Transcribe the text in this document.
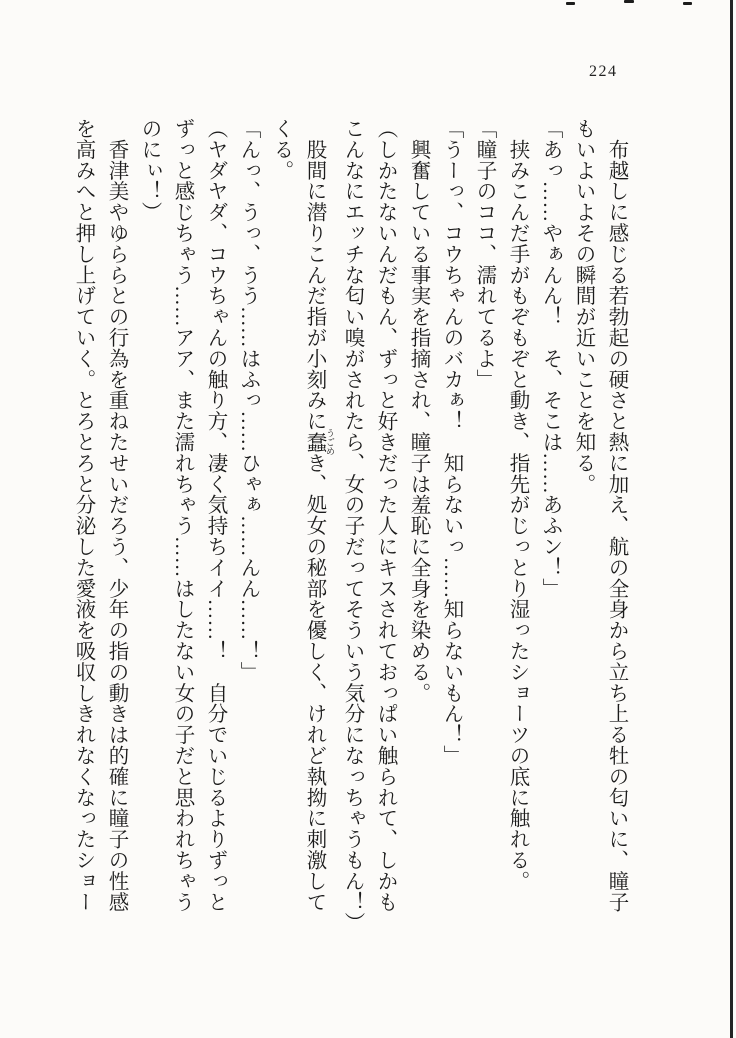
224
　布越しに感じる若勃起の硬さと熱に加え、航の全身から立ち上る牡の匂いに、瞳子
もいよいよその瞬間が近いことを知る。
「あっ……やぁんん！　そ、そこは……あふン！」
　挟みこんだ手がもぞもぞと動き、指先がじっとり湿ったショーツの底に触れる。
「瞳子のココ、濡れてるよ」
「うーっ、コウちゃんのバカぁ！　知らないっ……知らないもん！」
　興奮している事実を指摘され、瞳子は羞恥に全身を染める。
（しかたないんだもん、ずっと好きだった人にキスされておっぱい触られて、しかも
こんなにエッチな匂い嗅がされたら、女の子だってそういう気分になっちゃうもん！）
　股間に潜りこんだ指が小刻みに蠢 うごめき、処女の秘部を優しく、けれど執拗に刺激して
くる。
「んっ、うっ、うう……はふっ……ひゃぁ……んん……！」
（ヤダヤダ、コウちゃんの触り方、凄く気持ちイイ……！　自分でいじるよりずっと
ずっと感じちゃう……アア、また濡れちゃう……はしたない女の子だと思われちゃう
のにぃ！）
　香津美やゆららとの行為を重ねたせいだろう、少年の指の動きは的確に瞳子の性感
を高みへと押し上げていく。とろとろと分泌した愛液を吸収しきれなくなったショー
